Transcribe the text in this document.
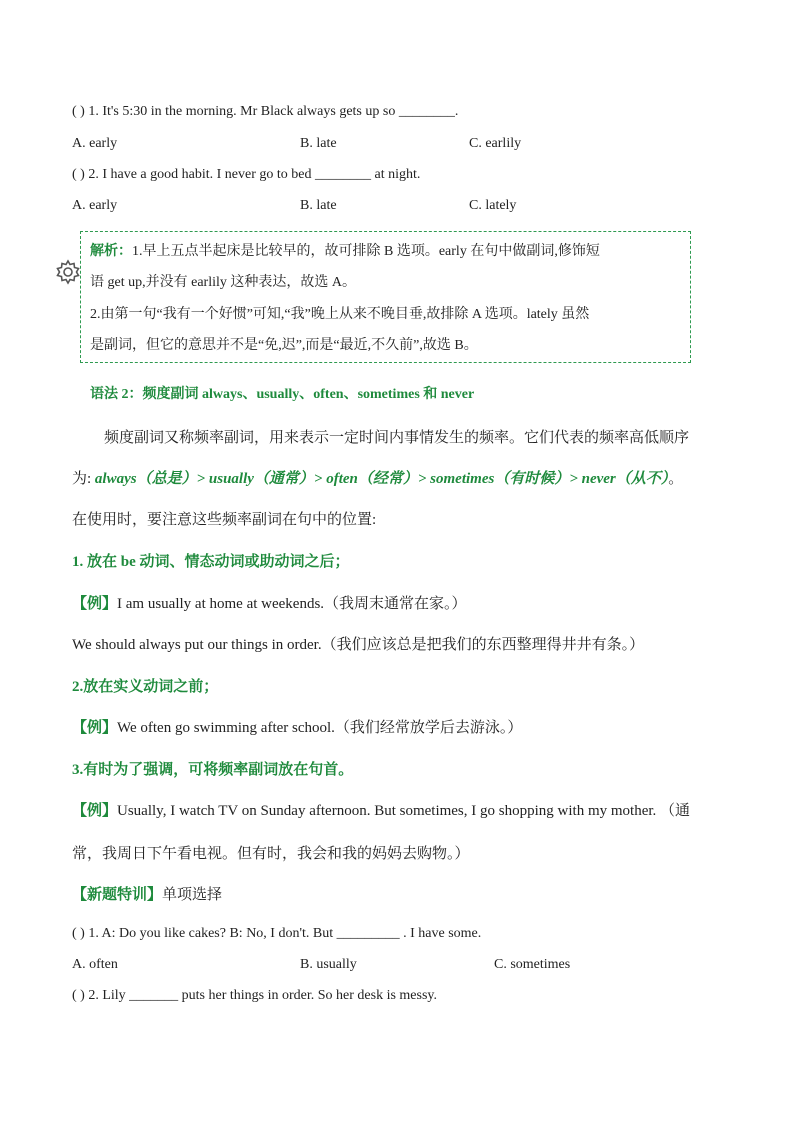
( ) 1. It's 5:30 in the morning. Mr Black always gets up so ________.
A. early	B. late	C. earlily
( ) 2. I have a good habit. I never go to bed ________ at night.
A. early	B. late	C. lately
解析：1.早上五点半起床是比较早的，故可排除 B 选项。early 在句中做副词,修饰短
语 get up,并没有 earlily 这种表达，故选 A。
2.由第一句“我有一个好惯”可知,“我”晚上从来不晚目垂,故排除 A 选项。lately 虽然
是副词，但它的意思并不是“免,迟”,而是“最近,不久前”,故选 B。
语法 2：频度副词 always、usually、often、sometimes 和 never
频度副词又称频率副词，用来表示一定时间内事情发生的频率。它们代表的频率高低顺序
为: always（总是）> usually（通常）> often（经常）> sometimes（有时候）> never（从不）。
在使用时，要注意这些频率副词在句中的位置:
1. 放在 be 动词、情态动词或助动词之后；
【例】I am usually at home at weekends.（我周末通常在家。）
We should always put our things in order.（我们应该总是把我们的东西整理得井井有条。）
2.放在实义动词之前；
【例】We often go swimming after school.（我们经常放学后去游泳。）
3.有时为了强调，可将频率副词放在句首。
【例】Usually, I watch TV on Sunday afternoon. But sometimes, I go shopping with my mother. （通
常，我周日下午看电视。但有时，我会和我的妈妈去购物。）
【新题特训】单项选择
( ) 1. A: Do you like cakes? B: No, I don't. But _________ . I have some.
A. often	B. usually	C. sometimes
( ) 2. Lily _______ puts her things in order. So her desk is messy.
